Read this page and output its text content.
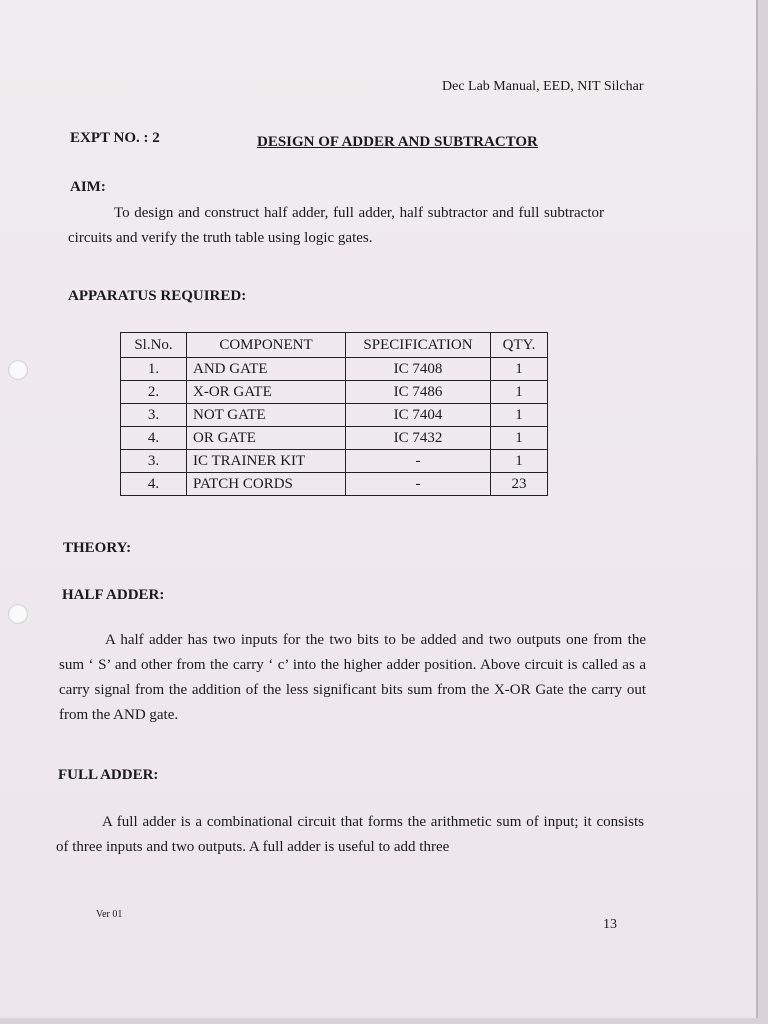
Dec Lab Manual, EED, NIT Silchar
EXPT NO. : 2	DESIGN OF ADDER AND SUBTRACTOR
AIM:
To design and construct half adder, full adder, half subtractor and full subtractor circuits and verify the truth table using logic gates.
APPARATUS REQUIRED:
Sl.No.	COMPONENT	SPECIFICATION	QTY.
1.	AND GATE	IC 7408	1
2.	X-OR GATE	IC 7486	1
3.	NOT GATE	IC 7404	1
4.	OR GATE	IC 7432	1
3.	IC TRAINER KIT	-	1
4.	PATCH CORDS	-	23
THEORY:
HALF ADDER:
A half adder has two inputs for the two bits to be added and two outputs one from the sum ‘ S’ and other from the carry ‘ c’ into the higher adder position. Above circuit is called as a carry signal from the addition of the less significant bits sum from the X-OR Gate the carry out from the AND gate.
FULL ADDER:
A full adder is a combinational circuit that forms the arithmetic sum of input; it consists of three inputs and two outputs. A full adder is useful to add three
Ver 01
13
